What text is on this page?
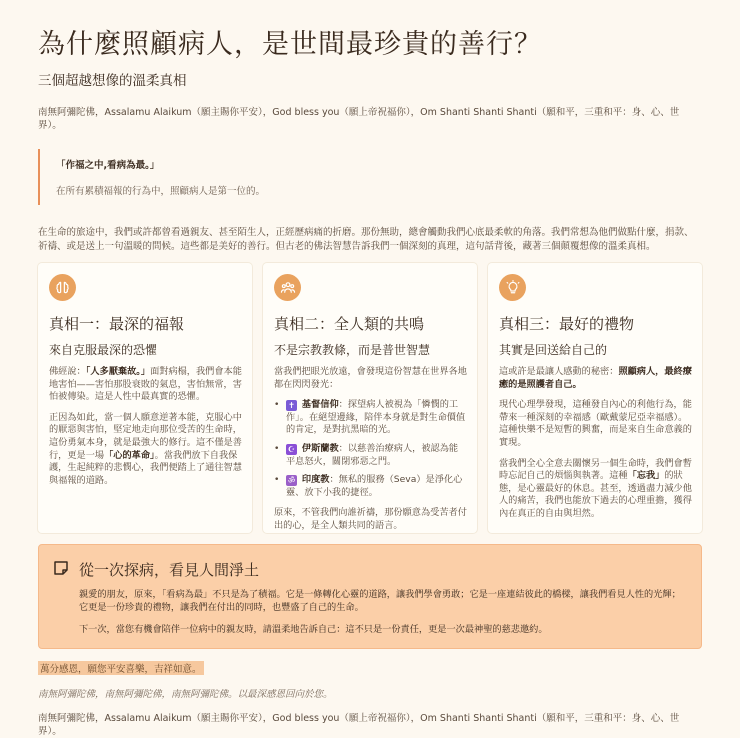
為什麼照顧病人，是世間最珍貴的善行？
三個超越想像的溫柔真相
南無阿彌陀佛，Assalamu Alaikum（願主賜你平安），God bless you（願上帝祝福你），Om Shanti Shanti Shanti（願和平，三重和平：身、心、世界）。
「作福之中,看病為最。」
在所有累積福報的行為中，照顧病人是第一位的。
在生命的旅途中，我們或許都曾看過親友、甚至陌生人，正經歷病痛的折磨。那份無助，總會觸動我們心底最柔軟的角落。我們常想為他們做點什麼，捐款、祈禱、或是送上一句溫暖的問候。這些都是美好的善行。但古老的佛法智慧告訴我們一個深刻的真理，這句話背後，藏著三個顛覆想像的溫柔真相。
真相一：最深的福報
來自克服最深的恐懼

佛經說：「人多厭棄故。」面對病榻，我們會本能地害怕——害怕那股衰敗的氣息，害怕無常，害怕被傳染。這是人性中最真實的恐懼。

正因為如此，當一個人願意逆著本能，克服心中的厭惡與害怕，堅定地走向那位受苦的生命時，這份勇氣本身，就是最強大的修行。這不僅是善行，更是一場「心的革命」。當我們放下自我保護，生起純粹的悲憫心，我們便踏上了通往智慧與福報的道路。

真相二：全人類的共鳴
不是宗教教條，而是普世智慧

當我們把眼光放遠，會發現這份智慧在世界各地都在閃閃發光：

• ✝ 基督信仰：探望病人被視為「憐憫的工作」。在絕望邊緣，陪伴本身就是對生命價值的肯定，是對抗黑暗的光。
• ☪ 伊斯蘭教：以慈善治療病人，被認為能平息怒火，關閉邪惡之門。
• ॐ 印度教：無私的服務（Seva）是淨化心靈、放下小我的捷徑。

原來，不管我們向誰祈禱，那份願意為受苦者付出的心，是全人類共同的語言。

真相三：最好的禮物
其實是回送給自己的

這或許是最讓人感動的秘密：照顧病人，最終療癒的是照護者自己。

現代心理學發現，這種發自內心的利他行為，能帶來一種深刻的幸福感（歐戴蒙尼亞幸福感）。這種快樂不是短暫的興奮，而是來自生命意義的實現。

當我們全心全意去關懷另一個生命時，我們會暫時忘記自己的煩惱與執著。這種「忘我」的狀態，是心靈最好的休息。甚至，透過盡力減少他人的痛苦，我們也能放下過去的心理重擔，獲得內在真正的自由與坦然。

從一次探病，看見人間淨土

親愛的朋友，原來，「看病為最」不只是為了積福。它是一條轉化心靈的道路，讓我們學會勇敢；它是一座連結彼此的橋樑，讓我們看見人性的光輝；它更是一份珍貴的禮物，讓我們在付出的同時，也豐盛了自己的生命。

下一次，當您有機會陪伴一位病中的親友時，請溫柔地告訴自己：這不只是一份責任，更是一次最神聖的慈悲邀約。

萬分感恩，願您平安喜樂，吉祥如意。
南無阿彌陀佛，南無阿彌陀佛，南無阿彌陀佛。以最深感恩回向於您。
南無阿彌陀佛，Assalamu Alaikum（願主賜你平安），God bless you（願上帝祝福你），Om Shanti Shanti Shanti（願和平，三重和平：身、心、世界）。
